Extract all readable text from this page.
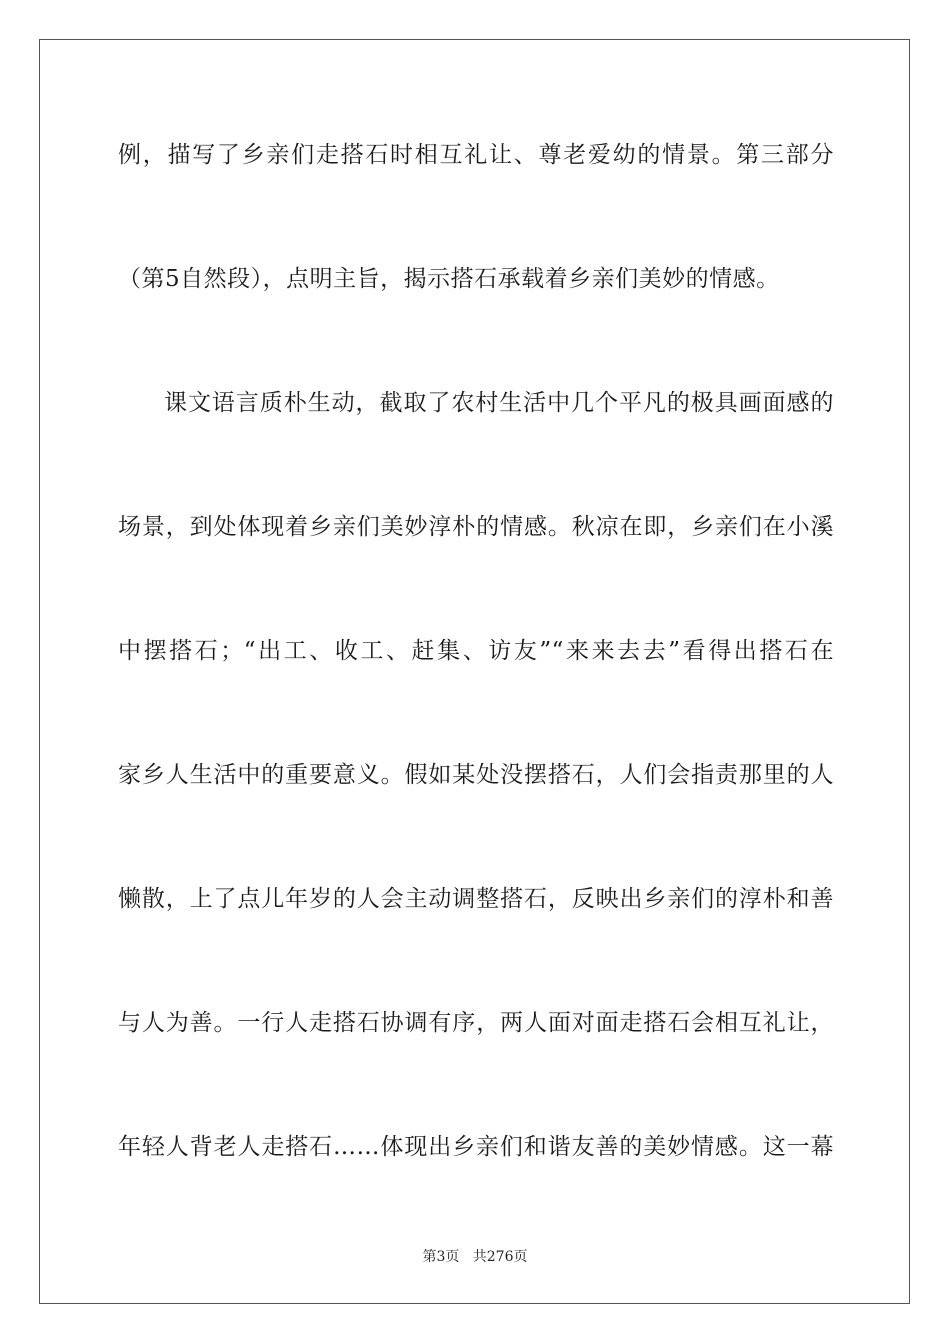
例，描写了乡亲们走搭石时相互礼让、尊老爱幼的情景。第三部分
（第5自然段），点明主旨，揭示搭石承载着乡亲们美妙的情感。
课文语言质朴生动，截取了农村生活中几个平凡的极具画面感的
场景，到处体现着乡亲们美妙淳朴的情感。秋凉在即，乡亲们在小溪
中摆搭石；“出工、收工、赶集、访友”“来来去去”看得出搭石在
家乡人生活中的重要意义。假如某处没摆搭石，人们会指责那里的人
懒散，上了点儿年岁的人会主动调整搭石，反映出乡亲们的淳朴和善
与人为善。一行人走搭石协调有序，两人面对面走搭石会相互礼让，
年轻人背老人走搭石……体现出乡亲们和谐友善的美妙情感。这一幕
第3页 共276页
